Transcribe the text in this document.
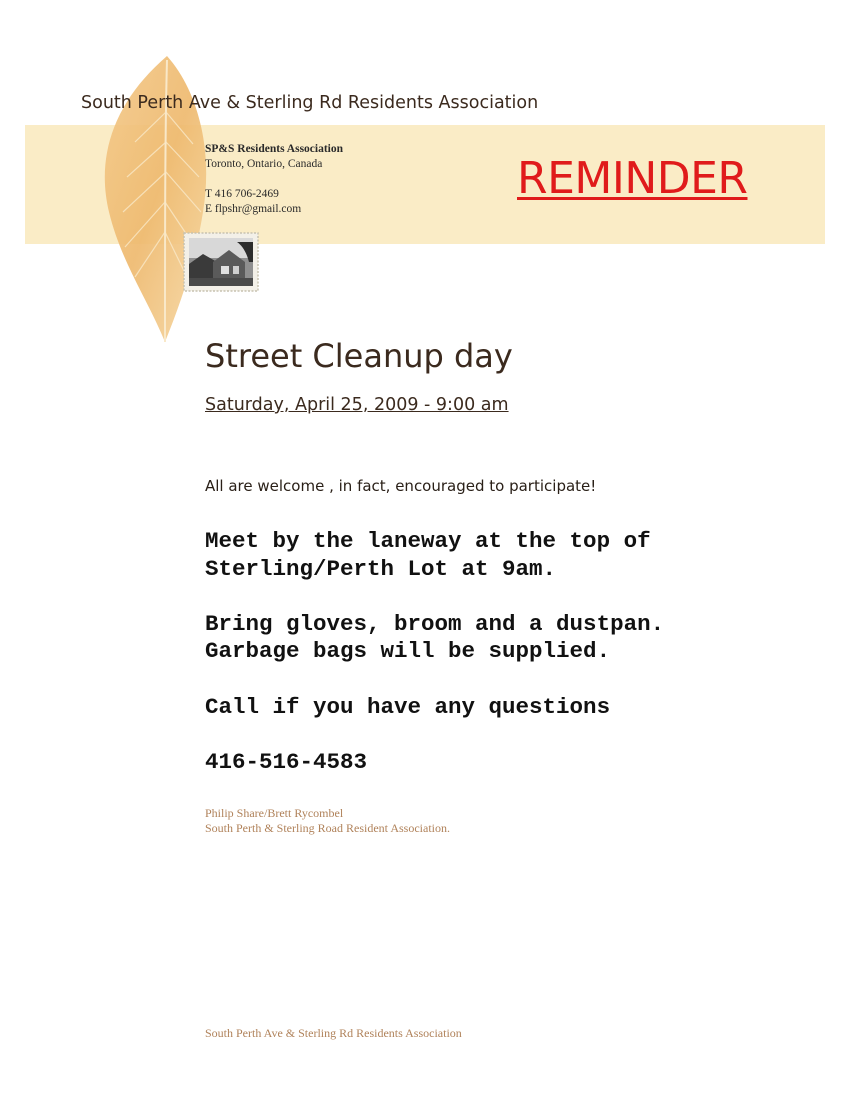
South Perth Ave & Sterling Rd Residents Association
SP&S Residents Association
Toronto, Ontario, Canada
T 416 706-2469
E flpshr@gmail.com
REMINDER
Street Cleanup day
Saturday, April 25, 2009 - 9:00 am
All are welcome , in fact, encouraged to participate!
Meet by the laneway at the top of
Sterling/Perth Lot at 9am.
Bring gloves, broom and a dustpan.
Garbage bags will be supplied.
Call if you have any questions
416-516-4583
Philip Share/Brett Rycombel
South Perth & Sterling Road Resident Association.
South Perth Ave & Sterling Rd Residents Association
